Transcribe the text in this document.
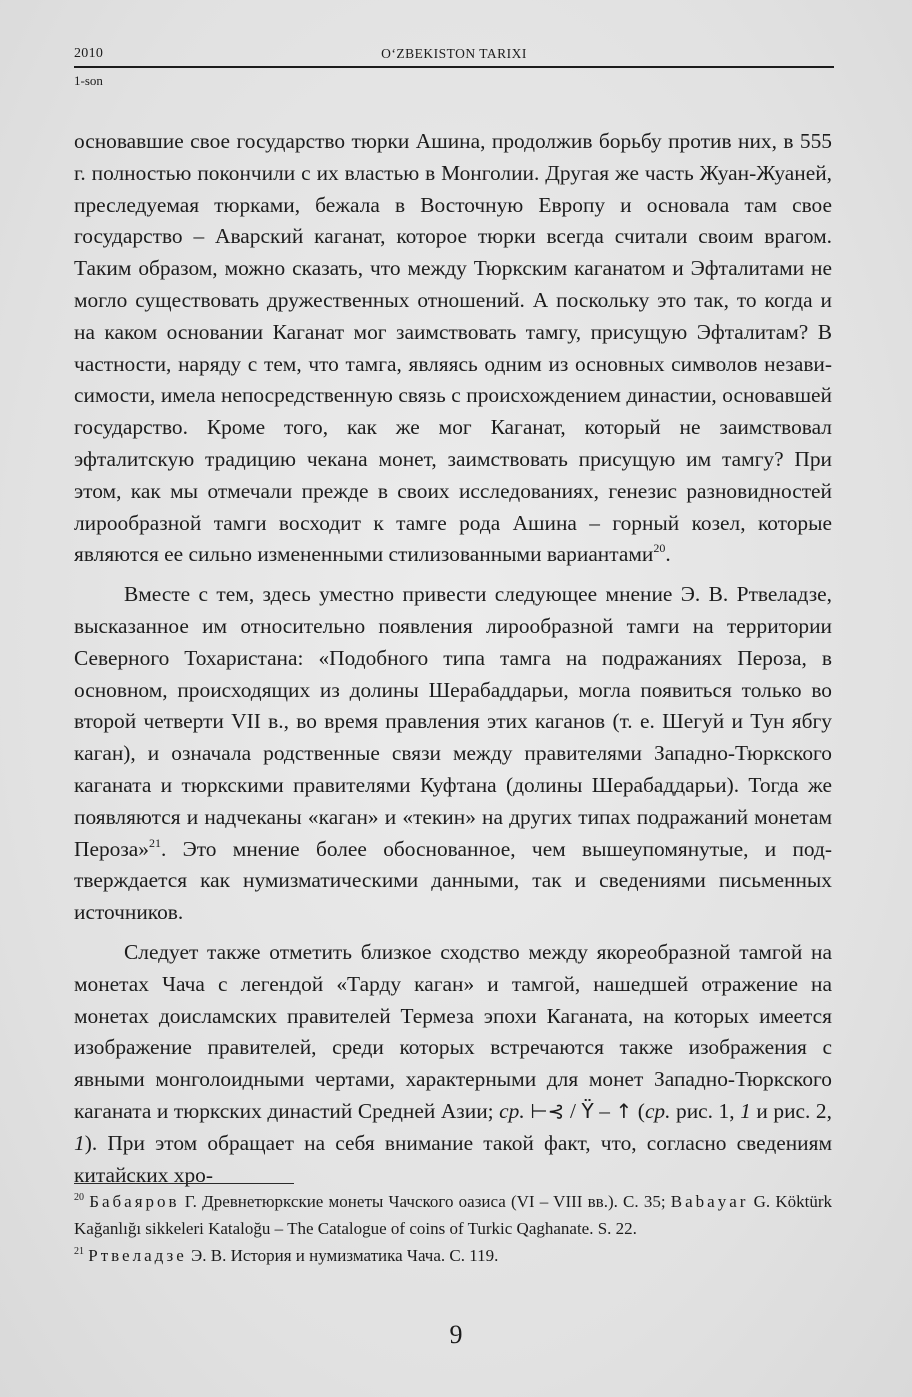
2010	O‘ZBEKISTON TARIXI
1-son

основавшие свое государство тюрки Ашина, продолжив борьбу против них, в 555 г. полностью покончили с их властью в Монголии. Другая же часть Жуан-Жуаней, преследуемая тюрками, бежала в Восточную Европу и основала там свое государство – Аварский каганат, которое тюрки всегда считали своим врагом. Таким образом, можно сказать, что между Тюркским каганатом и Эфталитами не могло существовать дружественных отношений. А поскольку это так, то когда и на каком основании Каганат мог заимствовать тамгу, присущую Эфталитам? В частности, наряду с тем, что тамга, являясь одним из основных символов независимости, имела непосредственную связь с происхождением династии, основавшей государство. Кроме того, как же мог Каганат, который не заимствовал эфталитскую традицию чекана монет, заимствовать присущую им тамгу? При этом, как мы отмечали прежде в своих исследованиях, генезис разновидностей лирообразной тамги восходит к тамге рода Ашина – горный козел, которые являются ее сильно измененными стилизованными вариантами$^{20}$.

Вместе с тем, здесь уместно привести следующее мнение Э. В. Ртвеладзе, высказанное им относительно появления лирообразной тамги на территории Северного Тохаристана: «Подобного типа тамга на подражаниях Пероза, в основном, происходящих из долины Шерабаддарьи, могла появиться только во второй четверти VII в., во время правления этих каганов (т. е. Шегуй и Тун ябгу каган), и означала родственные связи между правителями Западно-Тюркского каганата и тюркскими правителями Куфтана (долины Шерабаддарьи). Тогда же появляются и надчеканы «каган» и «текин» на других типах подражаний монетам Пероза»$^{21}$. Это мнение более обоснованное, чем вышеупомянутые, и подтверждается как нумизматическими данными, так и сведениями письменных источников.

Следует также отметить близкое сходство между якореобразной тамгой на монетах Чача с легендой «Тарду каган» и тамгой, нашедшей отражение на монетах доисламских правителей Термеза эпохи Каганата, на которых имеется изображение правителей, среди которых встречаются также изображения с явными монголоидными чертами, характерными для монет Западно-Тюркского каганата и тюркских династий Средней Азии; ср. ⊢⊰ / Ϋ – ↑ (ср. рис. 1, 1 и рис. 2, 1). При этом обращает на себя внимание такой факт, что, согласно сведениям китайских хро-

$^{20}$ Бабаяров Г. Древнетюркские монеты Чачского оазиса (VI – VIII вв.). С. 35; Babayar G. Köktürk Kağanlığı sikkeleri Kataloğu – The Catalogue of coins of Turkic Qaghanate. S. 22.

$^{21}$ Ртвеладзе Э. В. История и нумизматика Чача. С. 119.

9
